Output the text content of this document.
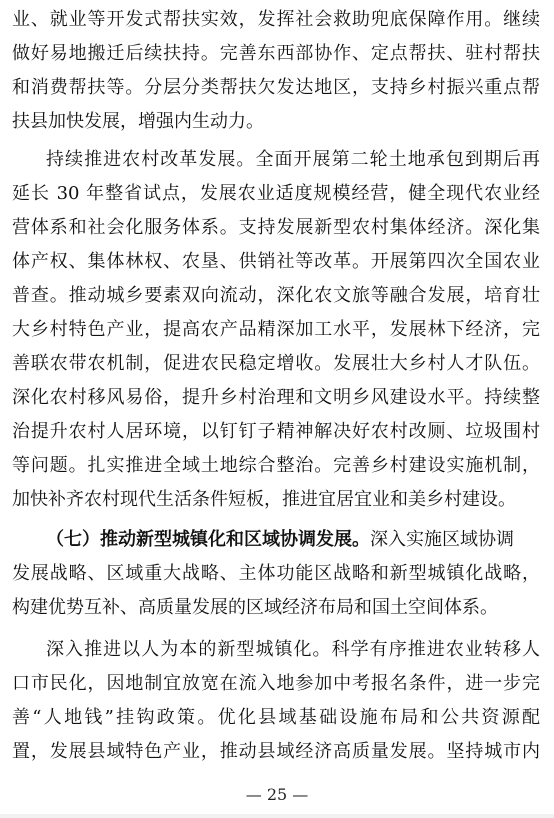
业、就业等开发式帮扶实效，发挥社会救助兜底保障作用。继续
做好易地搬迁后续扶持。完善东西部协作、定点帮扶、驻村帮扶
和消费帮扶等。分层分类帮扶欠发达地区，支持乡村振兴重点帮
扶县加快发展，增强内生动力。
持续推进农村改革发展。全面开展第二轮土地承包到期后再
延长 30 年整省试点，发展农业适度规模经营，健全现代农业经
营体系和社会化服务体系。支持发展新型农村集体经济。深化集
体产权、集体林权、农垦、供销社等改革。开展第四次全国农业
普查。推动城乡要素双向流动，深化农文旅等融合发展，培育壮
大乡村特色产业，提高农产品精深加工水平，发展林下经济，完
善联农带农机制，促进农民稳定增收。发展壮大乡村人才队伍。
深化农村移风易俗，提升乡村治理和文明乡风建设水平。持续整
治提升农村人居环境，以钉钉子精神解决好农村改厕、垃圾围村
等问题。扎实推进全域土地综合整治。完善乡村建设实施机制，
加快补齐农村现代生活条件短板，推进宜居宜业和美乡村建设。
（七）推动新型城镇化和区域协调发展。深入实施区域协调
发展战略、区域重大战略、主体功能区战略和新型城镇化战略，
构建优势互补、高质量发展的区域经济布局和国土空间体系。
深入推进以人为本的新型城镇化。科学有序推进农业转移人
口市民化，因地制宜放宽在流入地参加中考报名条件，进一步完
善“人地钱”挂钩政策。优化县域基础设施布局和公共资源配
置，发展县域特色产业，推动县域经济高质量发展。坚持城市内
— 25 —
